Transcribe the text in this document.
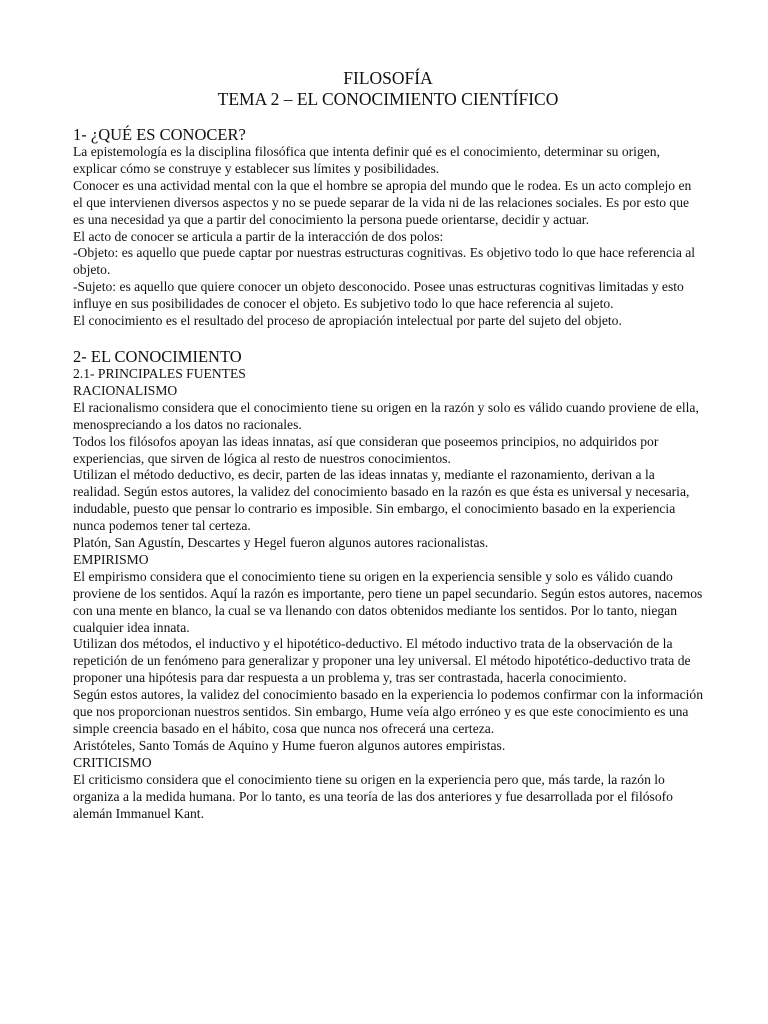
FILOSOFÍA

TEMA 2 – EL CONOCIMIENTO CIENTÍFICO

1- ¿QUÉ ES CONOCER?

La epistemología es la disciplina filosófica que intenta definir qué es el conocimiento, determinar su origen, explicar cómo se construye y establecer sus límites y posibilidades.

Conocer es una actividad mental con la que el hombre se apropia del mundo que le rodea. Es un acto complejo en el que intervienen diversos aspectos y no se puede separar de la vida ni de las relaciones sociales. Es por esto que es una necesidad ya que a partir del conocimiento la persona puede orientarse, decidir y actuar.

El acto de conocer se articula a partir de la interacción de dos polos:

-Objeto: es aquello que puede captar por nuestras estructuras cognitivas. Es objetivo todo lo que hace referencia al objeto.

-Sujeto: es aquello que quiere conocer un objeto desconocido. Posee unas estructuras cognitivas limitadas y esto influye en sus posibilidades de conocer el objeto. Es subjetivo todo lo que hace referencia al sujeto.

El conocimiento es el resultado del proceso de apropiación intelectual por parte del sujeto del objeto.

2- EL CONOCIMIENTO

2.1- PRINCIPALES FUENTES

RACIONALISMO

El racionalismo considera que el conocimiento tiene su origen en la razón y solo es válido cuando proviene de ella, menospreciando a los datos no racionales.

Todos los filósofos apoyan las ideas innatas, así que consideran que poseemos principios, no adquiridos por experiencias, que sirven de lógica al resto de nuestros conocimientos.

Utilizan el método deductivo, es decir, parten de las ideas innatas y, mediante el razonamiento, derivan a la realidad. Según estos autores, la validez del conocimiento basado en la razón es que ésta es universal y necesaria, indudable, puesto que pensar lo contrario es imposible. Sin embargo, el conocimiento basado en la experiencia nunca podemos tener tal certeza.

Platón, San Agustín, Descartes y Hegel fueron algunos autores racionalistas.

EMPIRISMO

El empirismo considera que el conocimiento tiene su origen en la experiencia sensible y solo es válido cuando proviene de los sentidos. Aquí la razón es importante, pero tiene un papel secundario. Según estos autores, nacemos con una mente en blanco, la cual se va llenando con datos obtenidos mediante los sentidos. Por lo tanto, niegan cualquier idea innata.

Utilizan dos métodos, el inductivo y el hipotético-deductivo. El método inductivo trata de la observación de la repetición de un fenómeno para generalizar y proponer una ley universal. El método hipotético-deductivo trata de proponer una hipótesis para dar respuesta a un problema y, tras ser contrastada, hacerla conocimiento.

Según estos autores, la validez del conocimiento basado en la experiencia lo podemos confirmar con la información que nos proporcionan nuestros sentidos. Sin embargo, Hume veía algo erróneo y es que este conocimiento es una simple creencia basado en el hábito, cosa que nunca nos ofrecerá una certeza.

Aristóteles, Santo Tomás de Aquino y Hume fueron algunos autores empiristas.

CRITICISMO

El criticismo considera que el conocimiento tiene su origen en la experiencia pero que, más tarde, la razón lo organiza a la medida humana. Por lo tanto, es una teoría de las dos anteriores y fue desarrollada por el filósofo alemán Immanuel Kant.
